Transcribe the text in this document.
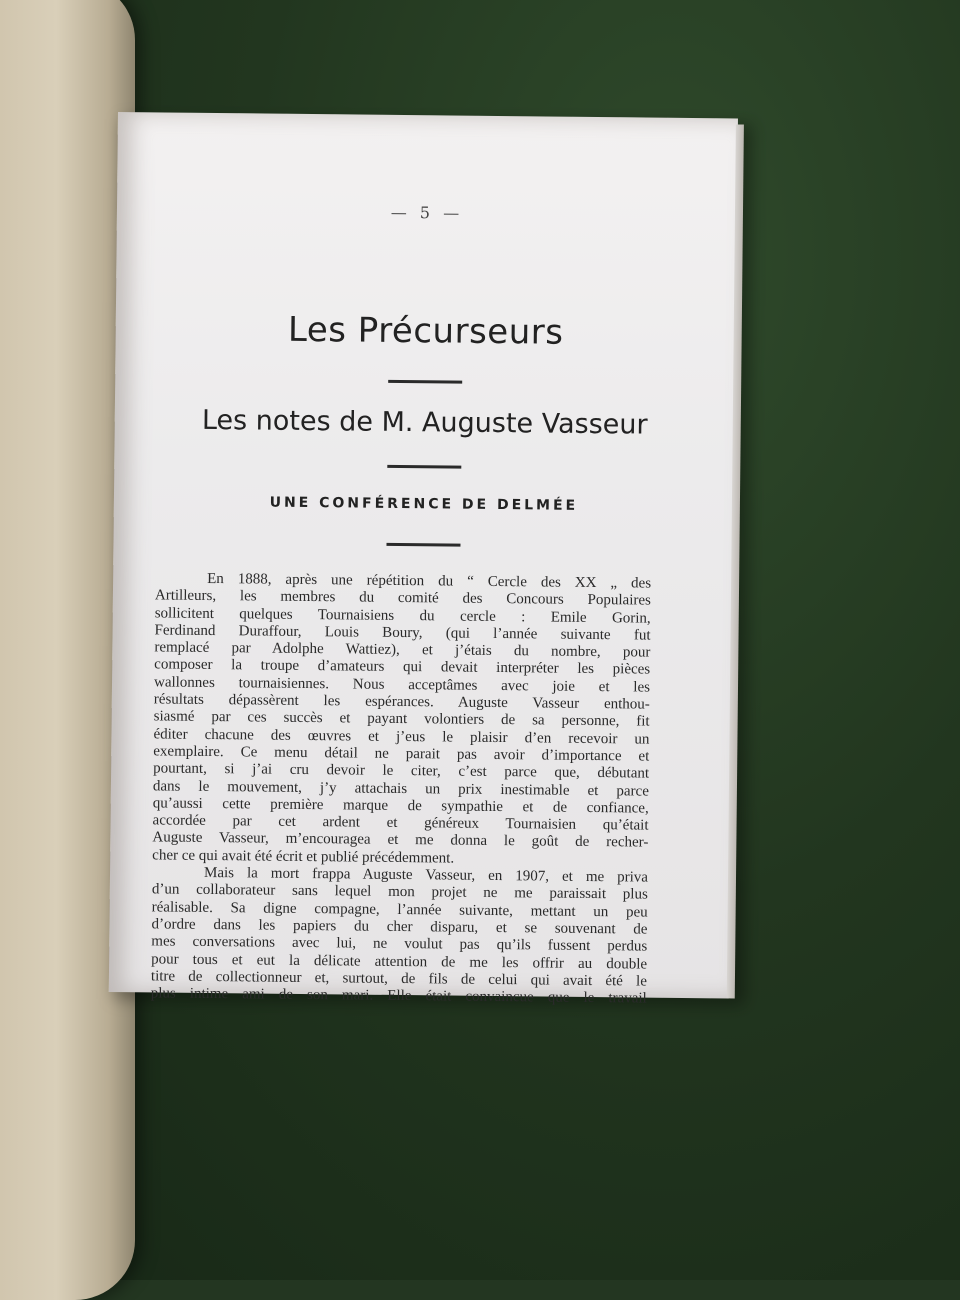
— 5 —
Les Précurseurs
Les notes de M. Auguste Vasseur
UNE CONFÉRENCE DE DELMÉE
En 1888, après une répétition du “ Cercle des XX „ des
Artilleurs, les membres du comité des Concours Populaires
sollicitent quelques Tournaisiens du cercle : Emile Gorin,
Ferdinand Duraffour, Louis Boury, (qui l’année suivante fut
remplacé par Adolphe Wattiez), et j’étais du nombre, pour
composer la troupe d’amateurs qui devait interpréter les pièces
wallonnes tournaisiennes. Nous acceptâmes avec joie et les
résultats dépassèrent les espérances. Auguste Vasseur enthou-
siasmé par ces succès et payant volontiers de sa personne, fit
éditer chacune des œuvres et j’eus le plaisir d’en recevoir un
exemplaire. Ce menu détail ne parait pas avoir d’importance et
pourtant, si j’ai cru devoir le citer, c’est parce que, débutant
dans le mouvement, j’y attachais un prix inestimable et parce
qu’aussi cette première marque de sympathie et de confiance,
accordée par cet ardent et généreux Tournaisien qu’était
Auguste Vasseur, m’encouragea et me donna le goût de recher-
cher ce qui avait été écrit et publié précédemment.
Mais la mort frappa Auguste Vasseur, en 1907, et me priva
d’un collaborateur sans lequel mon projet ne me paraissait plus
réalisable. Sa digne compagne, l’année suivante, mettant un peu
d’ordre dans les papiers du cher disparu, et se souvenant de
mes conversations avec lui, ne voulut pas qu’ils fussent perdus
pour tous et eut la délicate attention de me les offrir au double
titre de collectionneur et, surtout, de fils de celui qui avait été le
plus intime ami de son mari. Elle était convaincue que le travail
